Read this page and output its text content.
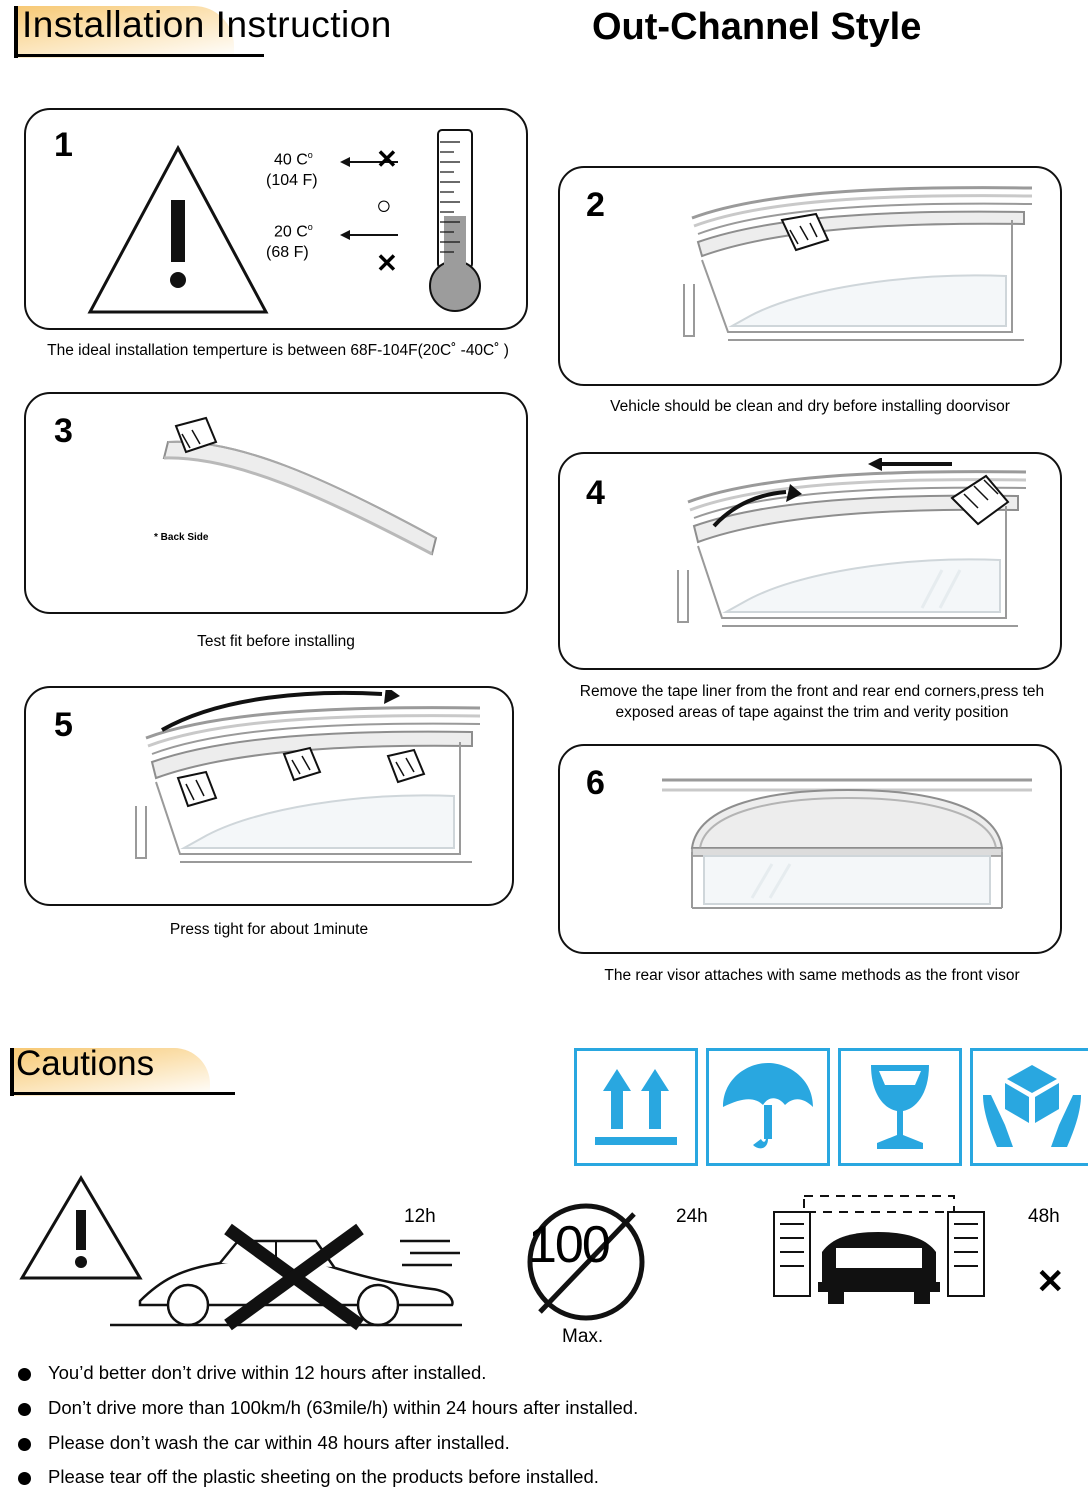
Installation Instruction	Out-Channel Style
1	40 $C^o$
(104 F)
20 $C^o$
(68 F)
✕
○
✕
The ideal installation temperture is between 68F-104F(20C˚ -40C˚ )
2
Vehicle should be clean and dry before installing doorvisor
3
* Back Side
Test fit before installing
4
Remove the tape liner from the front and rear end corners,press teh exposed areas of tape against the trim and verity position
5
Press tight for about 1minute
6
The rear visor attaches with same methods as the front visor
Cautions
12h 100
Max.
24h	48h
✕
You’d better don’t drive within 12 hours after installed.
Don’t drive more than 100km/h (63mile/h) within 24 hours after installed.
Please don’t wash the car within 48 hours after installed.
Please tear off the plastic sheeting on the products before installed.
